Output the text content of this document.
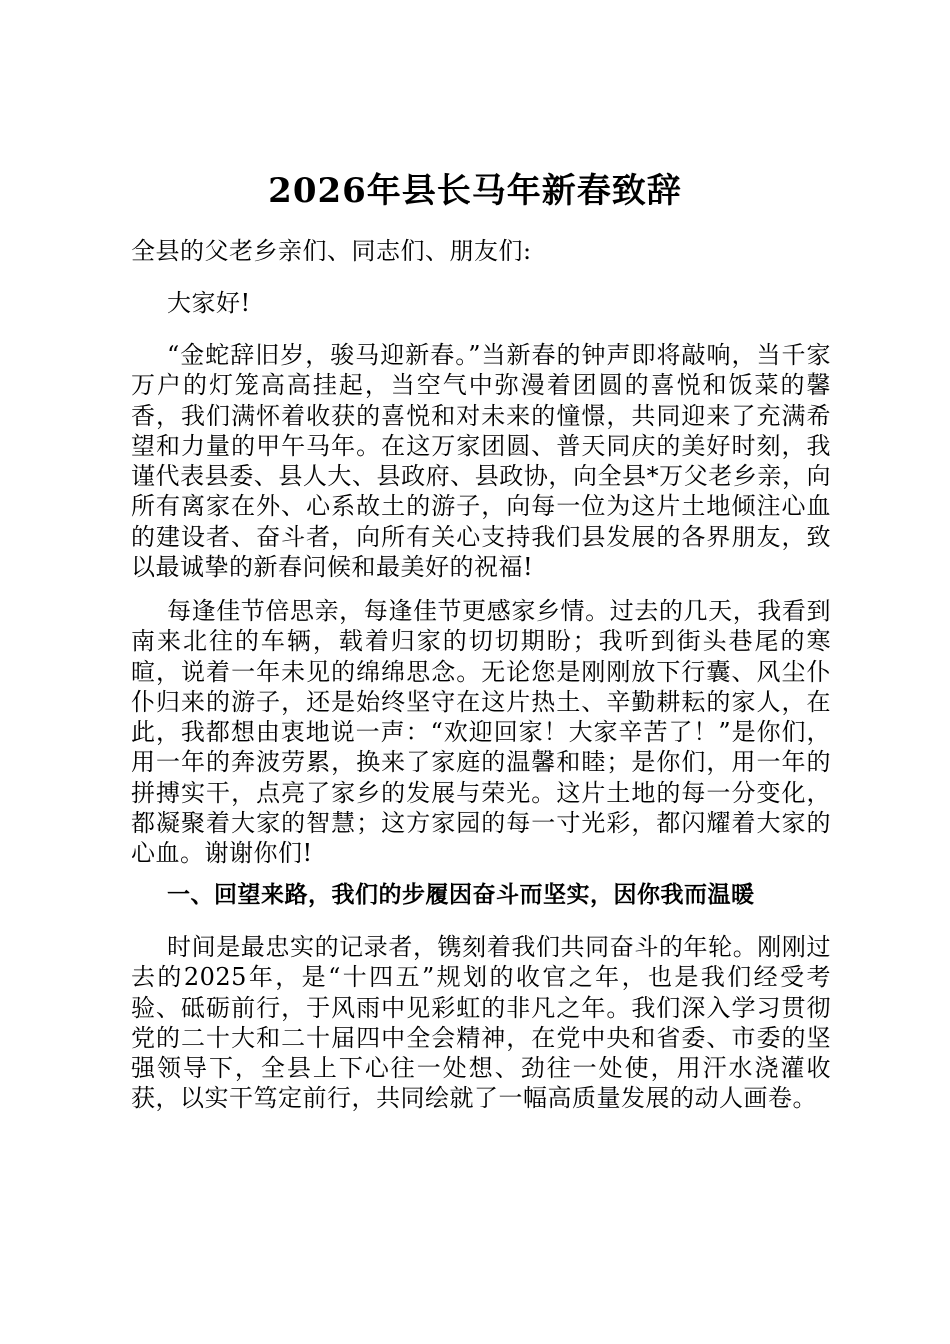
2026年县长马年新春致辞

全县的父老乡亲们、同志们、朋友们:

大家好!

“金蛇辞旧岁，骏马迎新春。”当新春的钟声即将敲响，当千家万户的灯笼高高挂起，当空气中弥漫着团圆的喜悦和饭菜的馨香，我们满怀着收获的喜悦和对未来的憧憬，共同迎来了充满希望和力量的甲午马年。在这万家团圆、普天同庆的美好时刻，我谨代表县委、县人大、县政府、县政协，向全县*万父老乡亲，向所有离家在外、心系故土的游子，向每一位为这片土地倾注心血的建设者、奋斗者，向所有关心支持我们县发展的各界朋友，致以最诚挚的新春问候和最美好的祝福!

每逢佳节倍思亲，每逢佳节更感家乡情。过去的几天，我看到南来北往的车辆，载着归家的切切期盼；我听到街头巷尾的寒暄，说着一年未见的绵绵思念。无论您是刚刚放下行囊、风尘仆仆归来的游子，还是始终坚守在这片热土、辛勤耕耘的家人，在此，我都想由衷地说一声：“欢迎回家！大家辛苦了！”是你们，用一年的奔波劳累，换来了家庭的温馨和睦；是你们，用一年的拼搏实干，点亮了家乡的发展与荣光。这片土地的每一分变化，都凝聚着大家的智慧；这方家园的每一寸光彩，都闪耀着大家的心血。谢谢你们!

一、回望来路，我们的步履因奋斗而坚实，因你我而温暖

时间是最忠实的记录者，镌刻着我们共同奋斗的年轮。刚刚过去的2025年，是“十四五”规划的收官之年，也是我们经受考验、砥砺前行，于风雨中见彩虹的非凡之年。我们深入学习贯彻党的二十大和二十届四中全会精神，在党中央和省委、市委的坚强领导下，全县上下心往一处想、劲往一处使，用汗水浇灌收获，以实干笃定前行，共同绘就了一幅高质量发展的动人画卷。
